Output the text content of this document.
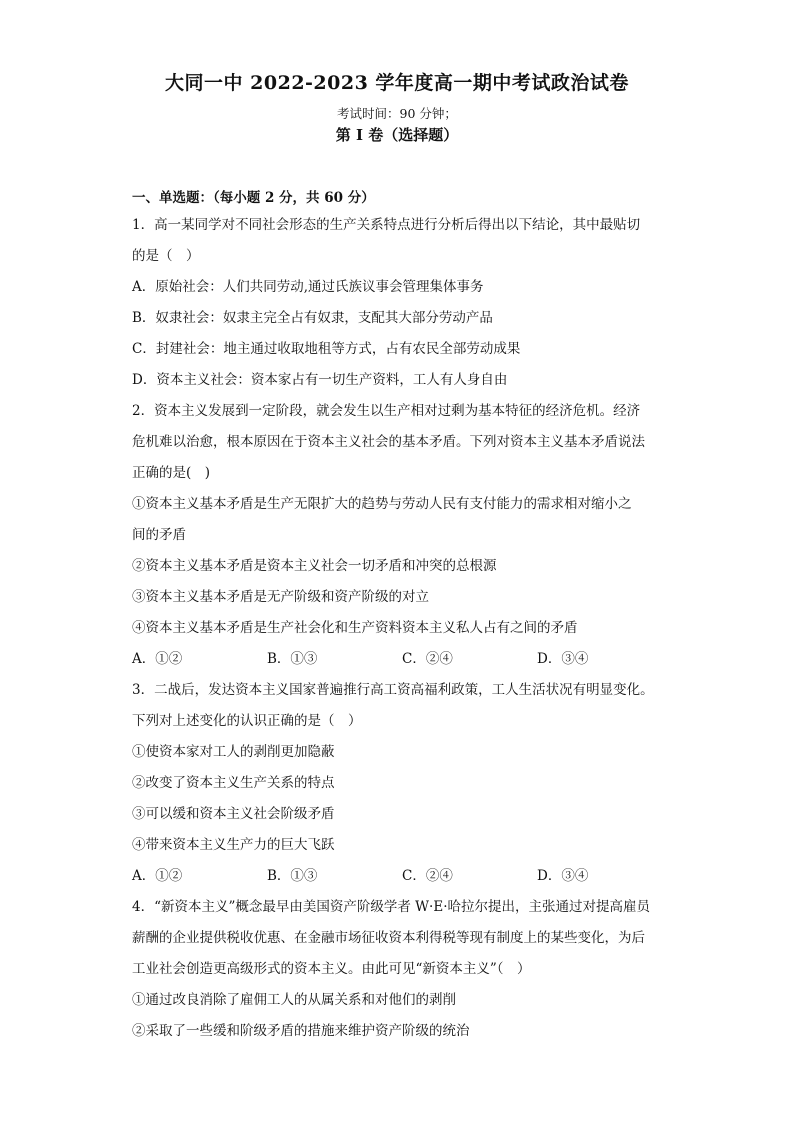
大同一中 2022-2023 学年度高一期中考试政治试卷
考试时间：90 分钟；
第 I 卷（选择题）
一、单选题：（每小题 2 分，共 60 分）
1．高一某同学对不同社会形态的生产关系特点进行分析后得出以下结论，其中最贴切
的是（　）
A．原始社会：人们共同劳动,通过氏族议事会管理集体事务
B．奴隶社会：奴隶主完全占有奴隶，支配其大部分劳动产品
C．封建社会：地主通过收取地租等方式，占有农民全部劳动成果
D．资本主义社会：资本家占有一切生产资料，工人有人身自由
2．资本主义发展到一定阶段，就会发生以生产相对过剩为基本特征的经济危机。经济
危机难以治愈，根本原因在于资本主义社会的基本矛盾。下列对资本主义基本矛盾说法
正确的是(　)
①资本主义基本矛盾是生产无限扩大的趋势与劳动人民有支付能力的需求相对缩小之
间的矛盾
②资本主义基本矛盾是资本主义社会一切矛盾和冲突的总根源
③资本主义基本矛盾是无产阶级和资产阶级的对立
④资本主义基本矛盾是生产社会化和生产资料资本主义私人占有之间的矛盾
A．①②	B．①③	C．②④	D．③④
3．二战后，发达资本主义国家普遍推行高工资高福利政策，工人生活状况有明显变化。
下列对上述变化的认识正确的是（　）
①使资本家对工人的剥削更加隐蔽
②改变了资本主义生产关系的特点
③可以缓和资本主义社会阶级矛盾
④带来资本主义生产力的巨大飞跃
A．①②	B．①③	C．②④	D．③④
4．“新资本主义”概念最早由美国资产阶级学者 W·E·哈拉尔提出，主张通过对提高雇员
薪酬的企业提供税收优惠、在金融市场征收资本利得税等现有制度上的某些变化，为后
工业社会创造更高级形式的资本主义。由此可见“新资本主义”（　）
①通过改良消除了雇佣工人的从属关系和对他们的剥削
②采取了一些缓和阶级矛盾的措施来维护资产阶级的统治
